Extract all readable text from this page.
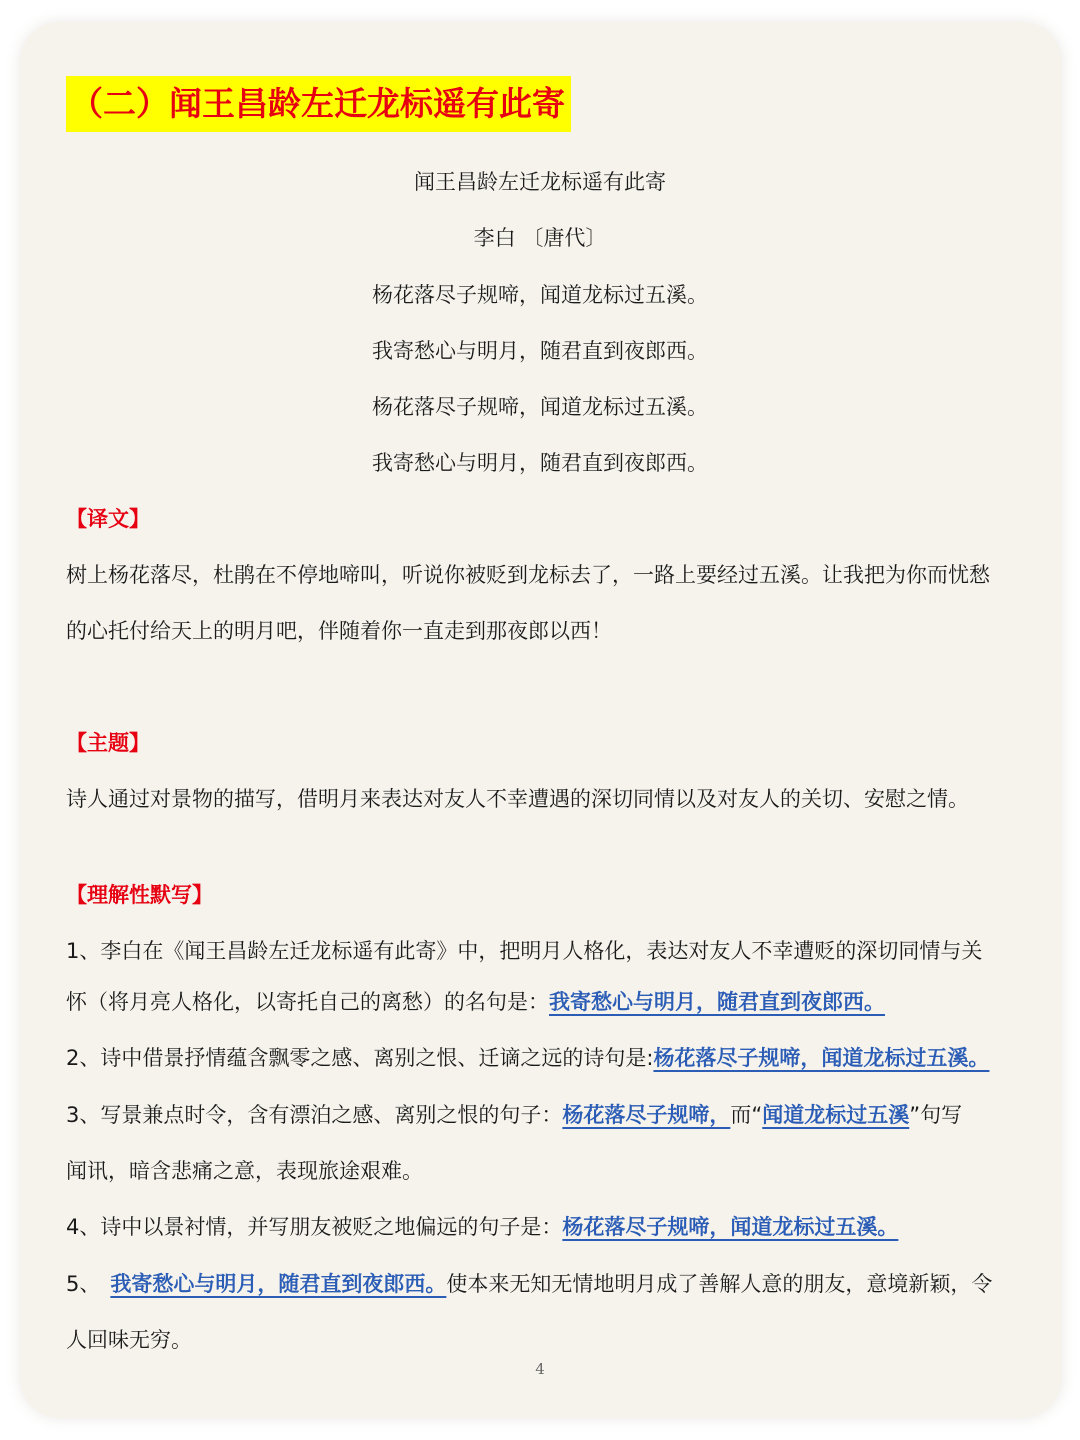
（二）闻王昌龄左迁龙标遥有此寄
闻王昌龄左迁龙标遥有此寄
李白 〔唐代〕
杨花落尽子规啼，闻道龙标过五溪。
我寄愁心与明月，随君直到夜郎西。
杨花落尽子规啼，闻道龙标过五溪。
我寄愁心与明月，随君直到夜郎西。
【译文】
树上杨花落尽，杜鹃在不停地啼叫，听说你被贬到龙标去了，一路上要经过五溪。让我把为你而忧愁
的心托付给天上的明月吧，伴随着你一直走到那夜郎以西！
【主题】
诗人通过对景物的描写，借明月来表达对友人不幸遭遇的深切同情以及对友人的关切、安慰之情。
【理解性默写】
1、李白在《闻王昌龄左迁龙标遥有此寄》中，把明月人格化，表达对友人不幸遭贬的深切同情与关
怀（将月亮人格化，以寄托自己的离愁）的名句是：我寄愁心与明月，随君直到夜郎西。
2、诗中借景抒情蕴含飘零之感、离别之恨、迁谪之远的诗句是:杨花落尽子规啼，闻道龙标过五溪。
3、写景兼点时令，含有漂泊之感、离别之恨的句子：杨花落尽子规啼，而“闻道龙标过五溪”句写
闻讯，暗含悲痛之意，表现旅途艰难。
4、诗中以景衬情，并写朋友被贬之地偏远的句子是：杨花落尽子规啼，闻道龙标过五溪。
5、 我寄愁心与明月，随君直到夜郎西。使本来无知无情地明月成了善解人意的朋友，意境新颖，令
人回味无穷。
4
